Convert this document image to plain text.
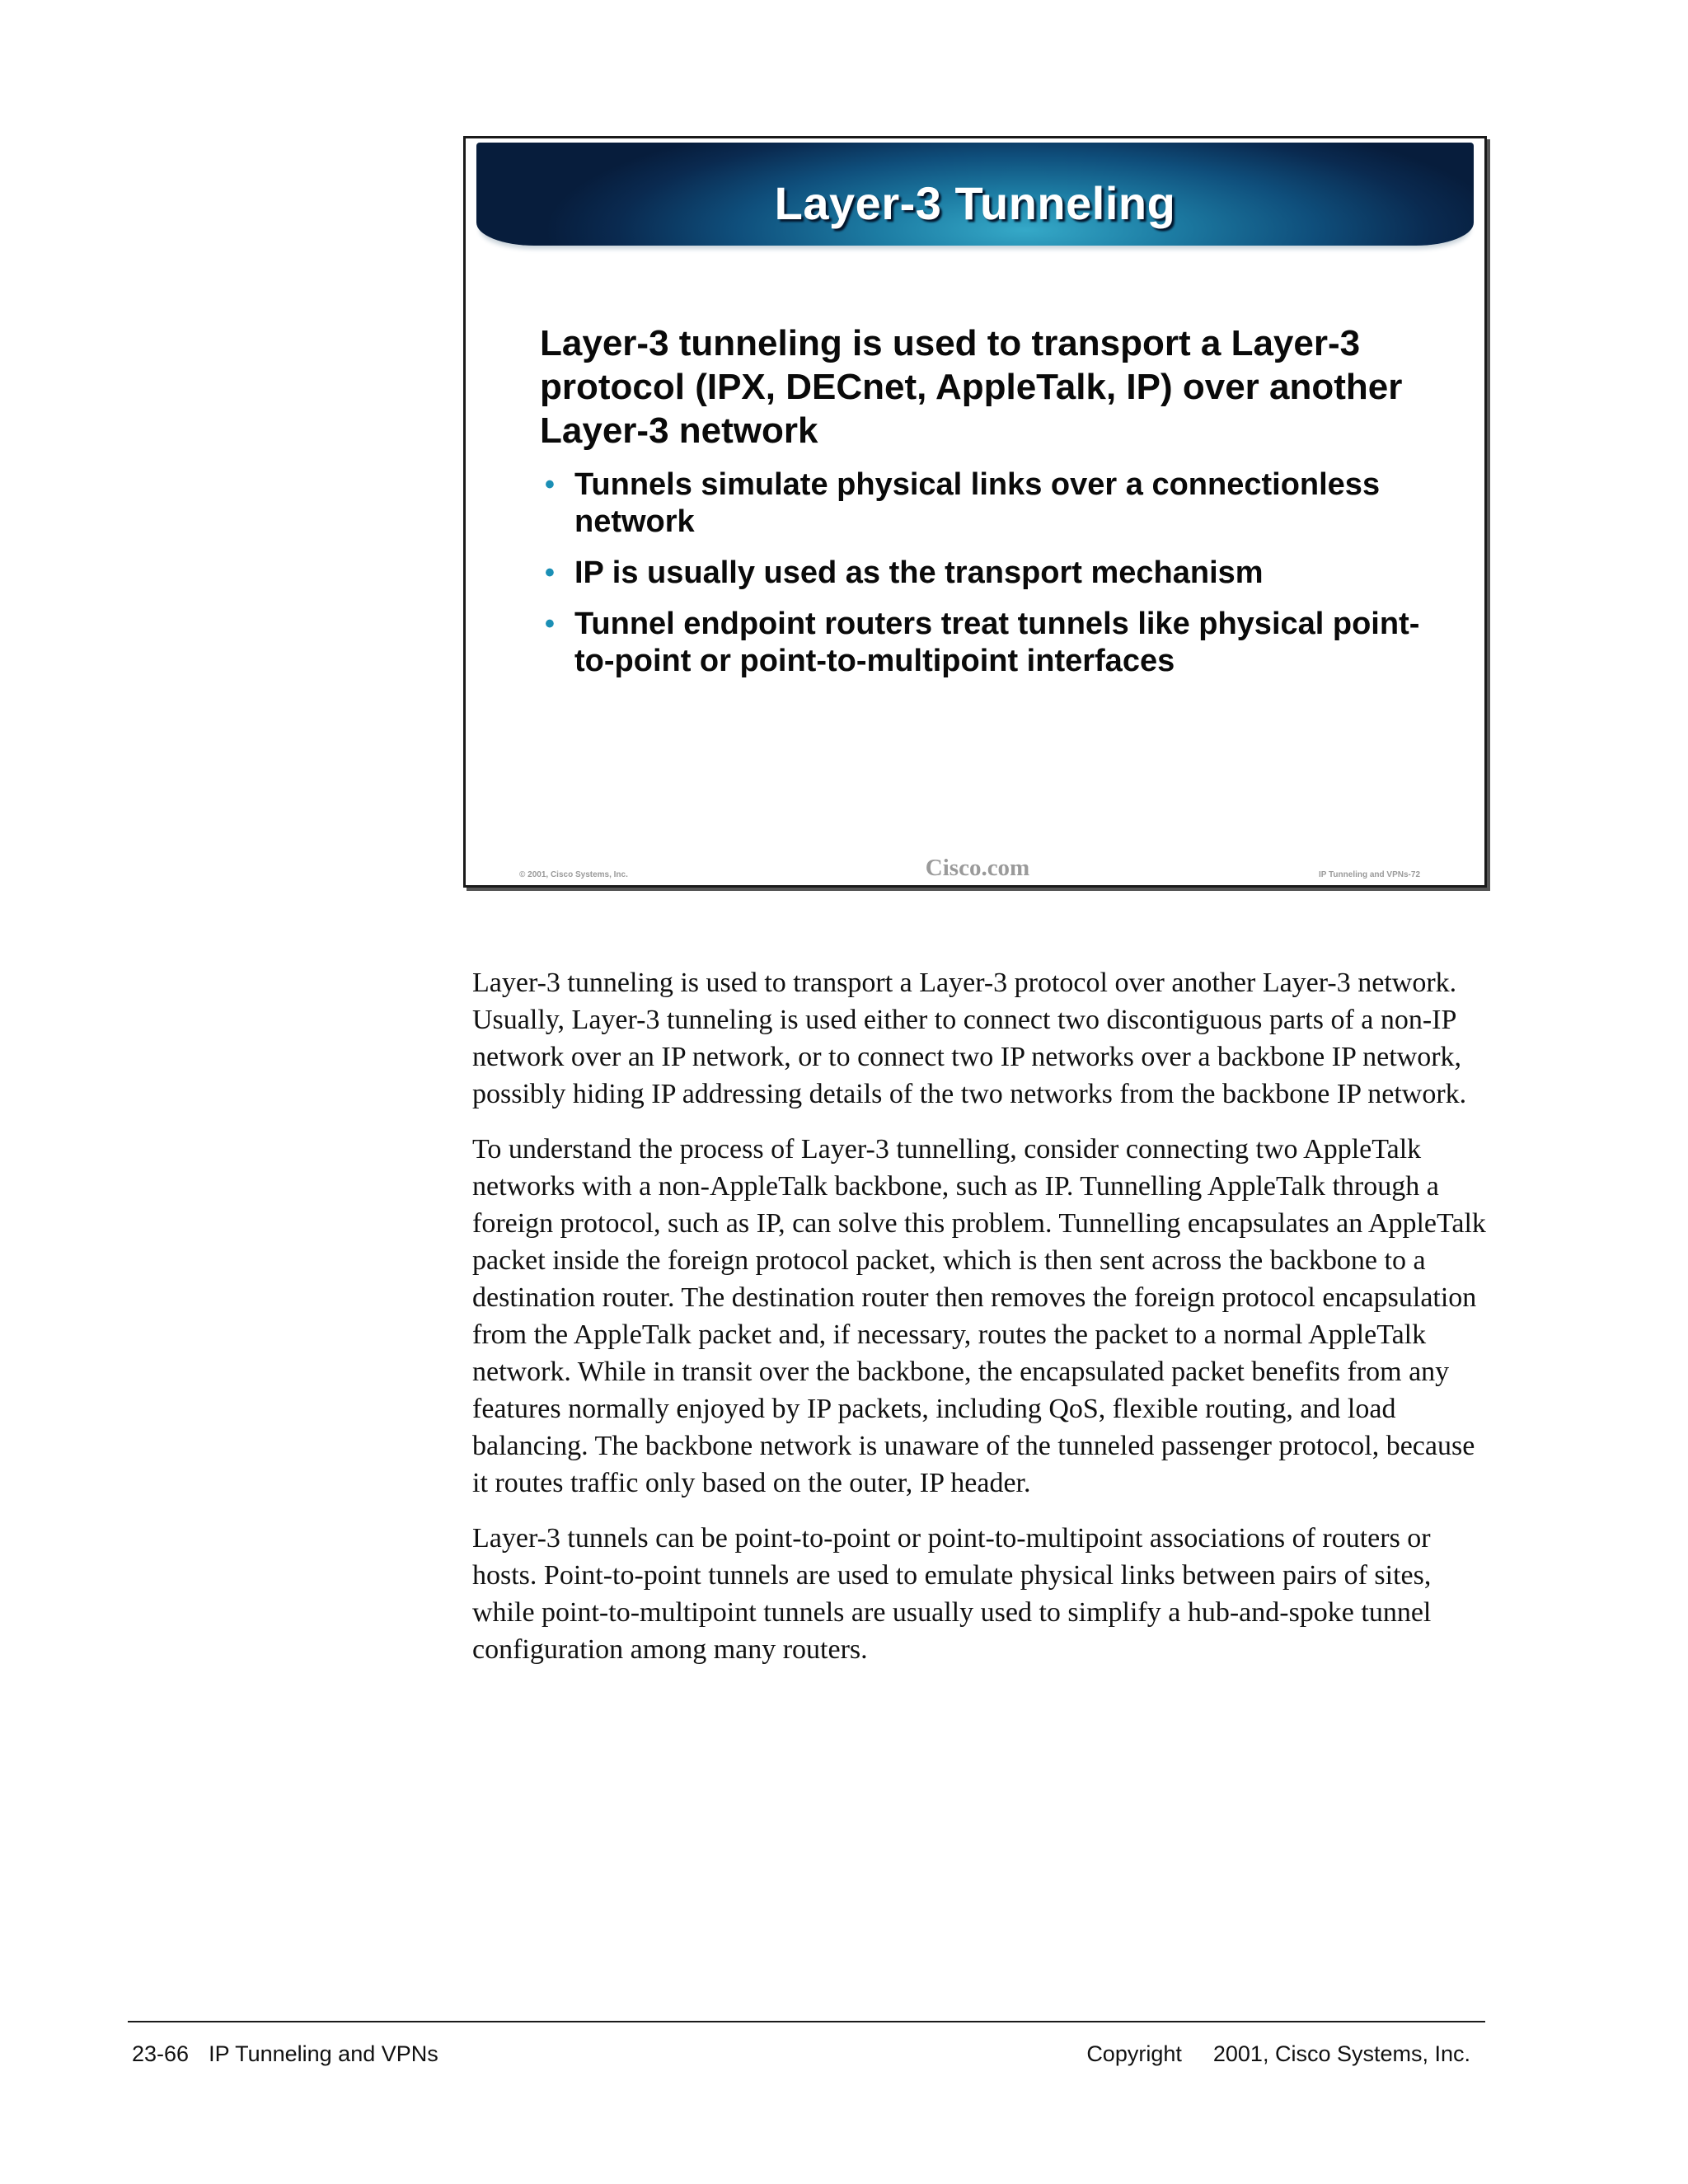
Layer-3 Tunneling
Layer-3 tunneling is used to transport a Layer-3 protocol (IPX, DECnet, AppleTalk, IP) over another Layer-3 network
• Tunnels simulate physical links over a connectionless network
• IP is usually used as the transport mechanism
• Tunnel endpoint routers treat tunnels like physical point-to-point or point-to-multipoint interfaces
© 2001, Cisco Systems, Inc.	Cisco.com	IP Tunneling and VPNs-72

Layer-3 tunneling is used to transport a Layer-3 protocol over another Layer-3 network. Usually, Layer-3 tunneling is used either to connect two discontiguous parts of a non-IP network over an IP network, or to connect two IP networks over a backbone IP network, possibly hiding IP addressing details of the two networks from the backbone IP network.

To understand the process of Layer-3 tunnelling, consider connecting two AppleTalk networks with a non-AppleTalk backbone, such as IP. Tunnelling AppleTalk through a foreign protocol, such as IP, can solve this problem. Tunnelling encapsulates an AppleTalk packet inside the foreign protocol packet, which is then sent across the backbone to a destination router. The destination router then removes the foreign protocol encapsulation from the AppleTalk packet and, if necessary, routes the packet to a normal AppleTalk network. While in transit over the backbone, the encapsulated packet benefits from any features normally enjoyed by IP packets, including QoS, flexible routing, and load balancing. The backbone network is unaware of the tunneled passenger protocol, because it routes traffic only based on the outer, IP header.

Layer-3 tunnels can be point-to-point or point-to-multipoint associations of routers or hosts. Point-to-point tunnels are used to emulate physical links between pairs of sites, while point-to-multipoint tunnels are usually used to simplify a hub-and-spoke tunnel configuration among many routers.

23-66 IP Tunneling and VPNs	Copyright 2001, Cisco Systems, Inc.
